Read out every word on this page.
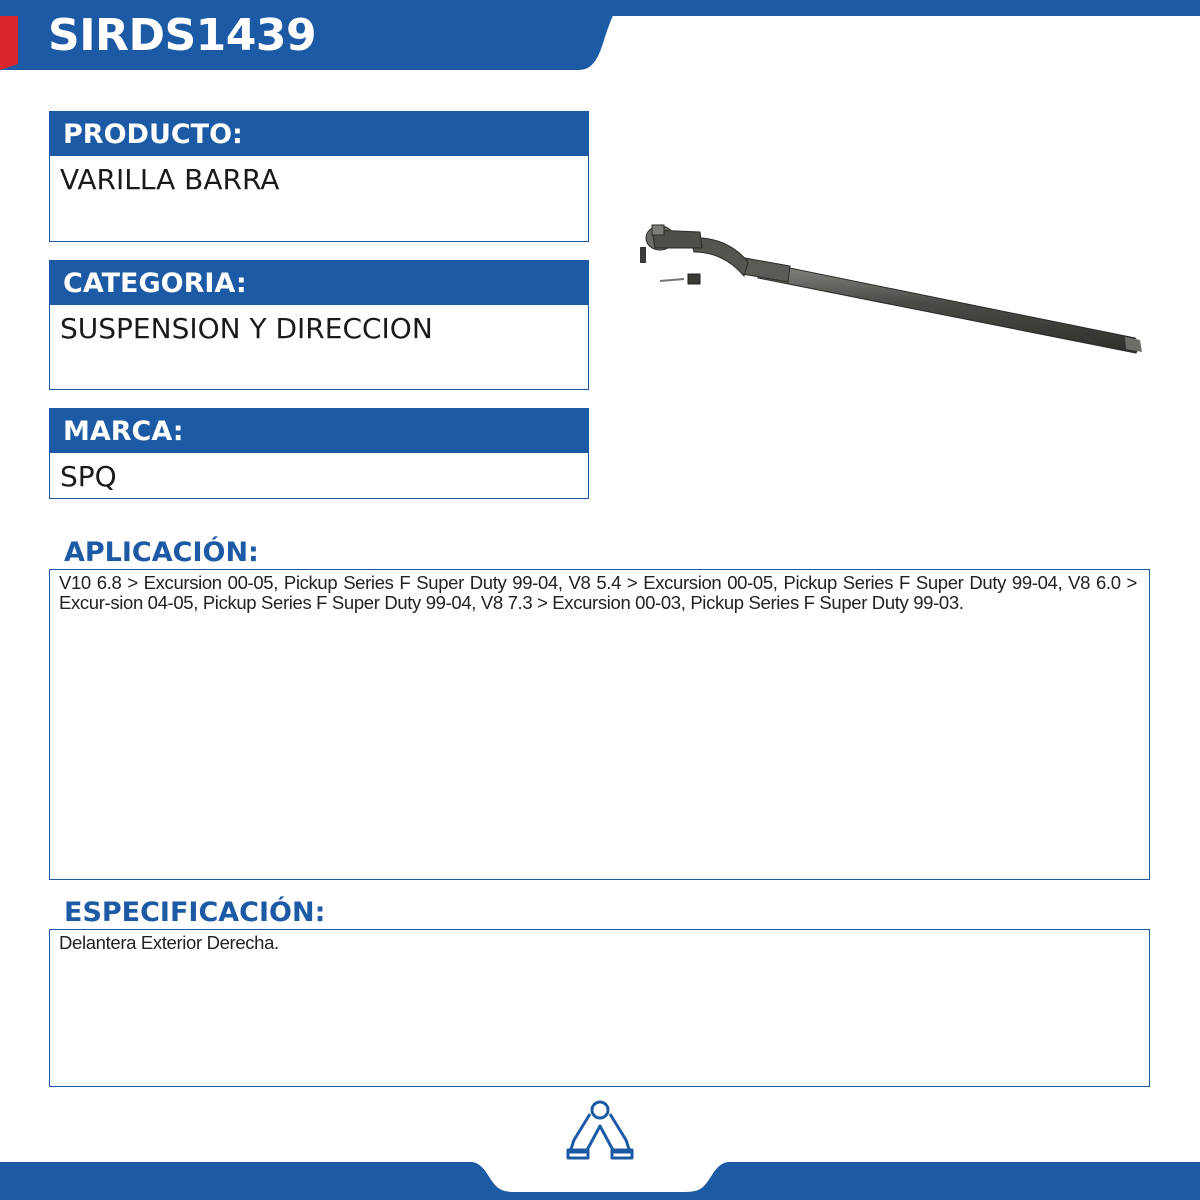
SIRDS1439
PRODUCTO:
VARILLA BARRA
CATEGORIA:
SUSPENSION Y DIRECCION
MARCA:
SPQ
APLICACIÓN:

V10 6.8 > Excursion 00-05, Pickup Series F Super Duty 99-04, V8 5.4 > Excursion 00-05, Pickup Series F Super Duty 99-04, V8 6.0 > Excur-sion 04-05, Pickup Series F Super Duty 99-04, V8 7.3 > Excursion 00-03, Pickup Series F Super Duty 99-03.

ESPECIFICACIÓN:

Delantera Exterior Derecha.

SUSPENSIÓN Y DIRECCIÓN
